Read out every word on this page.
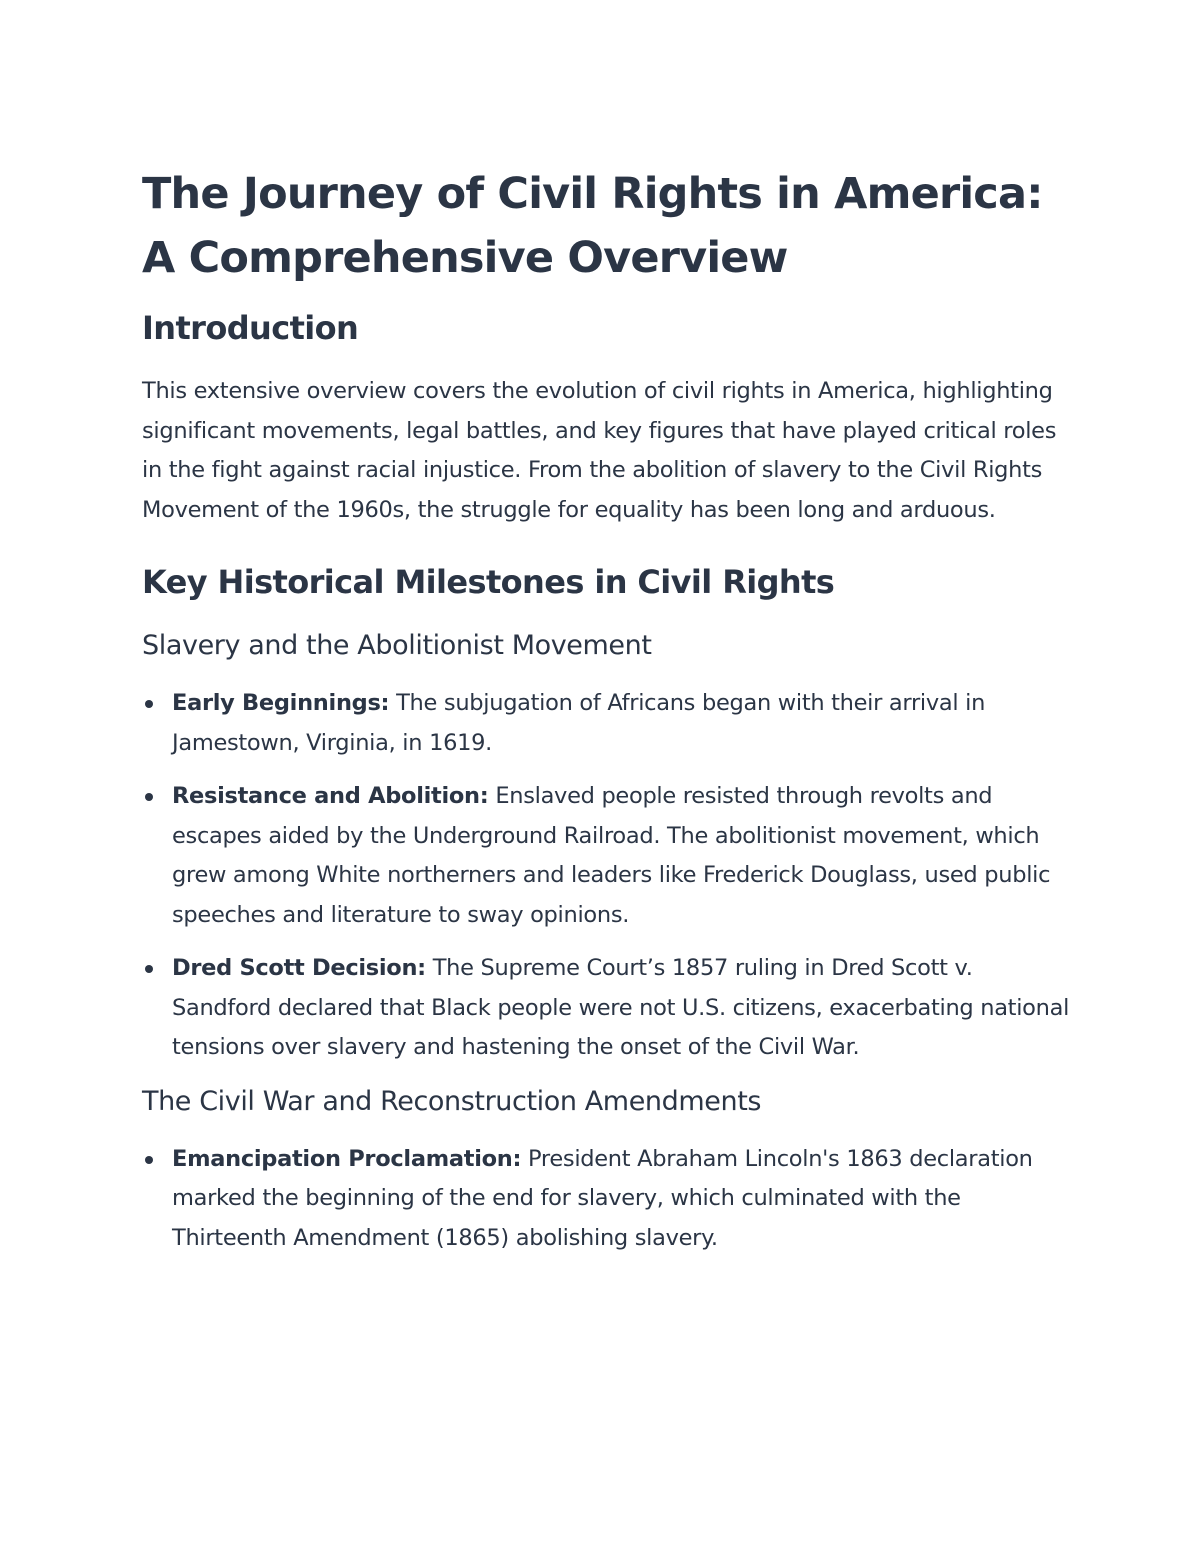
The Journey of Civil Rights in America:
A Comprehensive Overview
Introduction

This extensive overview covers the evolution of civil rights in America, highlighting significant movements, legal battles, and key figures that have played critical roles in the fight against racial injustice. From the abolition of slavery to the Civil Rights Movement of the 1960s, the struggle for equality has been long and arduous.

Key Historical Milestones in Civil Rights
Slavery and the Abolitionist Movement
Early Beginnings: The subjugation of Africans began with their arrival in Jamestown, Virginia, in 1619.
Resistance and Abolition: Enslaved people resisted through revolts and escapes aided by the Underground Railroad. The abolitionist movement, which grew among White northerners and leaders like Frederick Douglass, used public speeches and literature to sway opinions.
Dred Scott Decision: The Supreme Court’s 1857 ruling in Dred Scott v. Sandford declared that Black people were not U.S. citizens, exacerbating national tensions over slavery and hastening the onset of the Civil War.
The Civil War and Reconstruction Amendments
Emancipation Proclamation: President Abraham Lincoln's 1863 declaration marked the beginning of the end for slavery, which culminated with the Thirteenth Amendment (1865) abolishing slavery.
